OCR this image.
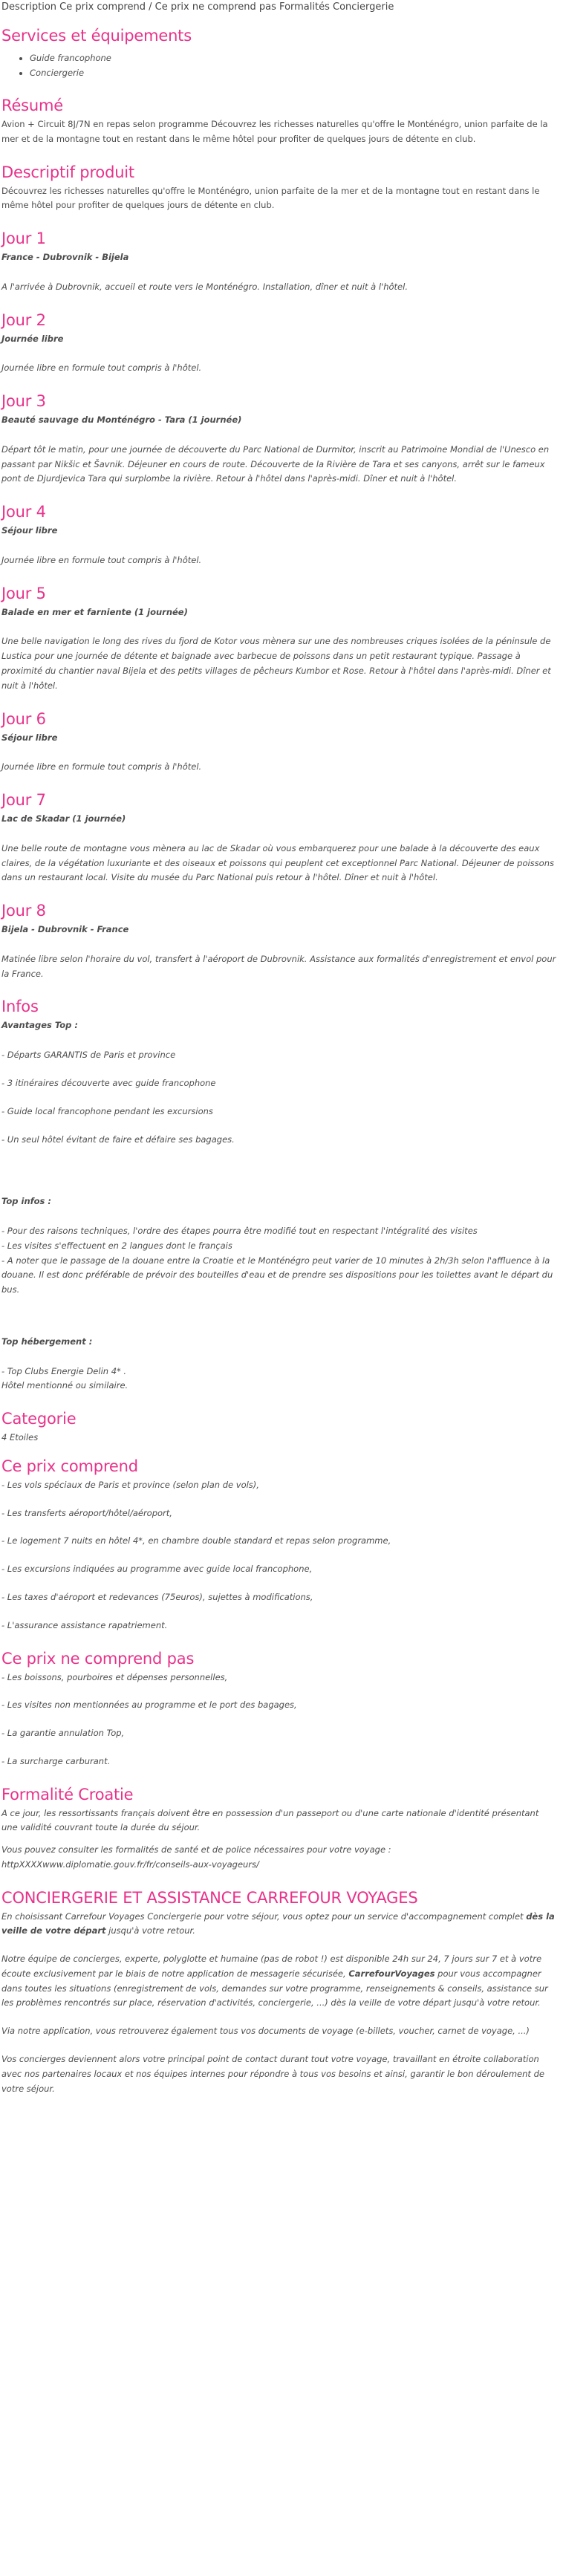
Description Ce prix comprend / Ce prix ne comprend pas Formalités Conciergerie

Services et équipements
• Guide francophone
• Conciergerie
Résumé

Avion + Circuit 8J/7N en repas selon programme Découvrez les richesses naturelles qu'offre le Monténégro, union parfaite de la mer et de la montagne tout en restant dans le même hôtel pour profiter de quelques jours de détente en club.

Descriptif produit

Découvrez les richesses naturelles qu'offre le Monténégro, union parfaite de la mer et de la montagne tout en restant dans le même hôtel pour profiter de quelques jours de détente en club.

Jour 1

France - Dubrovnik - Bijela

A l'arrivée à Dubrovnik, accueil et route vers le Monténégro. Installation, dîner et nuit à l'hôtel.

Jour 2

Journée libre

Journée libre en formule tout compris à l'hôtel.

Jour 3

Beauté sauvage du Monténégro - Tara (1 journée)

Départ tôt le matin, pour une journée de découverte du Parc National de Durmitor, inscrit au Patrimoine Mondial de l'Unesco en passant par Nikšic et Šavnik. Déjeuner en cours de route. Découverte de la Rivière de Tara et ses canyons, arrêt sur le fameux pont de Djurdjevica Tara qui surplombe la rivière. Retour à l'hôtel dans l'après-midi. Dîner et nuit à l'hôtel.

Jour 4

Séjour libre

Journée libre en formule tout compris à l'hôtel.

Jour 5

Balade en mer et farniente (1 journée)

Une belle navigation le long des rives du fjord de Kotor vous mènera sur une des nombreuses criques isolées de la péninsule de Lustica pour une journée de détente et baignade avec barbecue de poissons dans un petit restaurant typique. Passage à proximité du chantier naval Bijela et des petits villages de pêcheurs Kumbor et Rose. Retour à l'hôtel dans l'après-midi. Dîner et nuit à l'hôtel.

Jour 6

Séjour libre

Journée libre en formule tout compris à l'hôtel.

Jour 7

Lac de Skadar (1 journée)

Une belle route de montagne vous mènera au lac de Skadar où vous embarquerez pour une balade à la découverte des eaux claires, de la végétation luxuriante et des oiseaux et poissons qui peuplent cet exceptionnel Parc National. Déjeuner de poissons dans un restaurant local. Visite du musée du Parc National puis retour à l'hôtel. Dîner et nuit à l'hôtel.

Jour 8

Bijela - Dubrovnik - France

Matinée libre selon l'horaire du vol, transfert à l'aéroport de Dubrovnik. Assistance aux formalités d'enregistrement et envol pour la France.

Infos

Avantages Top :

- Départs GARANTIS de Paris et province

- 3 itinéraires découverte avec guide francophone

- Guide local francophone pendant les excursions

- Un seul hôtel évitant de faire et défaire ses bagages.

Top infos :

- Pour des raisons techniques, l'ordre des étapes pourra être modifié tout en respectant l'intégralité des visites

- Les visites s'effectuent en 2 langues dont le français

- A noter que le passage de la douane entre la Croatie et le Monténégro peut varier de 10 minutes à 2h/3h selon l'affluence à la douane. Il est donc préférable de prévoir des bouteilles d'eau et de prendre ses dispositions pour les toilettes avant le départ du bus.

Top hébergement :

- Top Clubs Energie Delin 4* .

Hôtel mentionné ou similaire.

Categorie

4 Etoiles

Ce prix comprend

- Les vols spéciaux de Paris et province (selon plan de vols),

- Les transferts aéroport/hôtel/aéroport,

- Le logement 7 nuits en hôtel 4*, en chambre double standard et repas selon programme,

- Les excursions indiquées au programme avec guide local francophone,

- Les taxes d'aéroport et redevances (75euros), sujettes à modifications,

- L'assurance assistance rapatriement.

Ce prix ne comprend pas

- Les boissons, pourboires et dépenses personnelles,

- Les visites non mentionnées au programme et le port des bagages,

- La garantie annulation Top,

- La surcharge carburant.

Formalité Croatie

A ce jour, les ressortissants français doivent être en possession d'un passeport ou d'une carte nationale d'identité présentant une validité couvrant toute la durée du séjour.

Vous pouvez consulter les formalités de santé et de police nécessaires pour votre voyage :

httpXXXXwww.diplomatie.gouv.fr/fr/conseils-aux-voyageurs/

CONCIERGERIE ET ASSISTANCE CARREFOUR VOYAGES

En choisissant Carrefour Voyages Conciergerie pour votre séjour, vous optez pour un service d'accompagnement complet dès la veille de votre départ jusqu'à votre retour.

Notre équipe de concierges, experte, polyglotte et humaine (pas de robot !) est disponible 24h sur 24, 7 jours sur 7 et à votre écoute exclusivement par le biais de notre application de messagerie sécurisée, CarrefourVoyages pour vous accompagner dans toutes les situations (enregistrement de vols, demandes sur votre programme, renseignements & conseils, assistance sur les problèmes rencontrés sur place, réservation d'activités, conciergerie, ...) dès la veille de votre départ jusqu'à votre retour.

Via notre application, vous retrouverez également tous vos documents de voyage (e-billets, voucher, carnet de voyage, ...)

Vos concierges deviennent alors votre principal point de contact durant tout votre voyage, travaillant en étroite collaboration avec nos partenaires locaux et nos équipes internes pour répondre à tous vos besoins et ainsi, garantir le bon déroulement de votre séjour.
